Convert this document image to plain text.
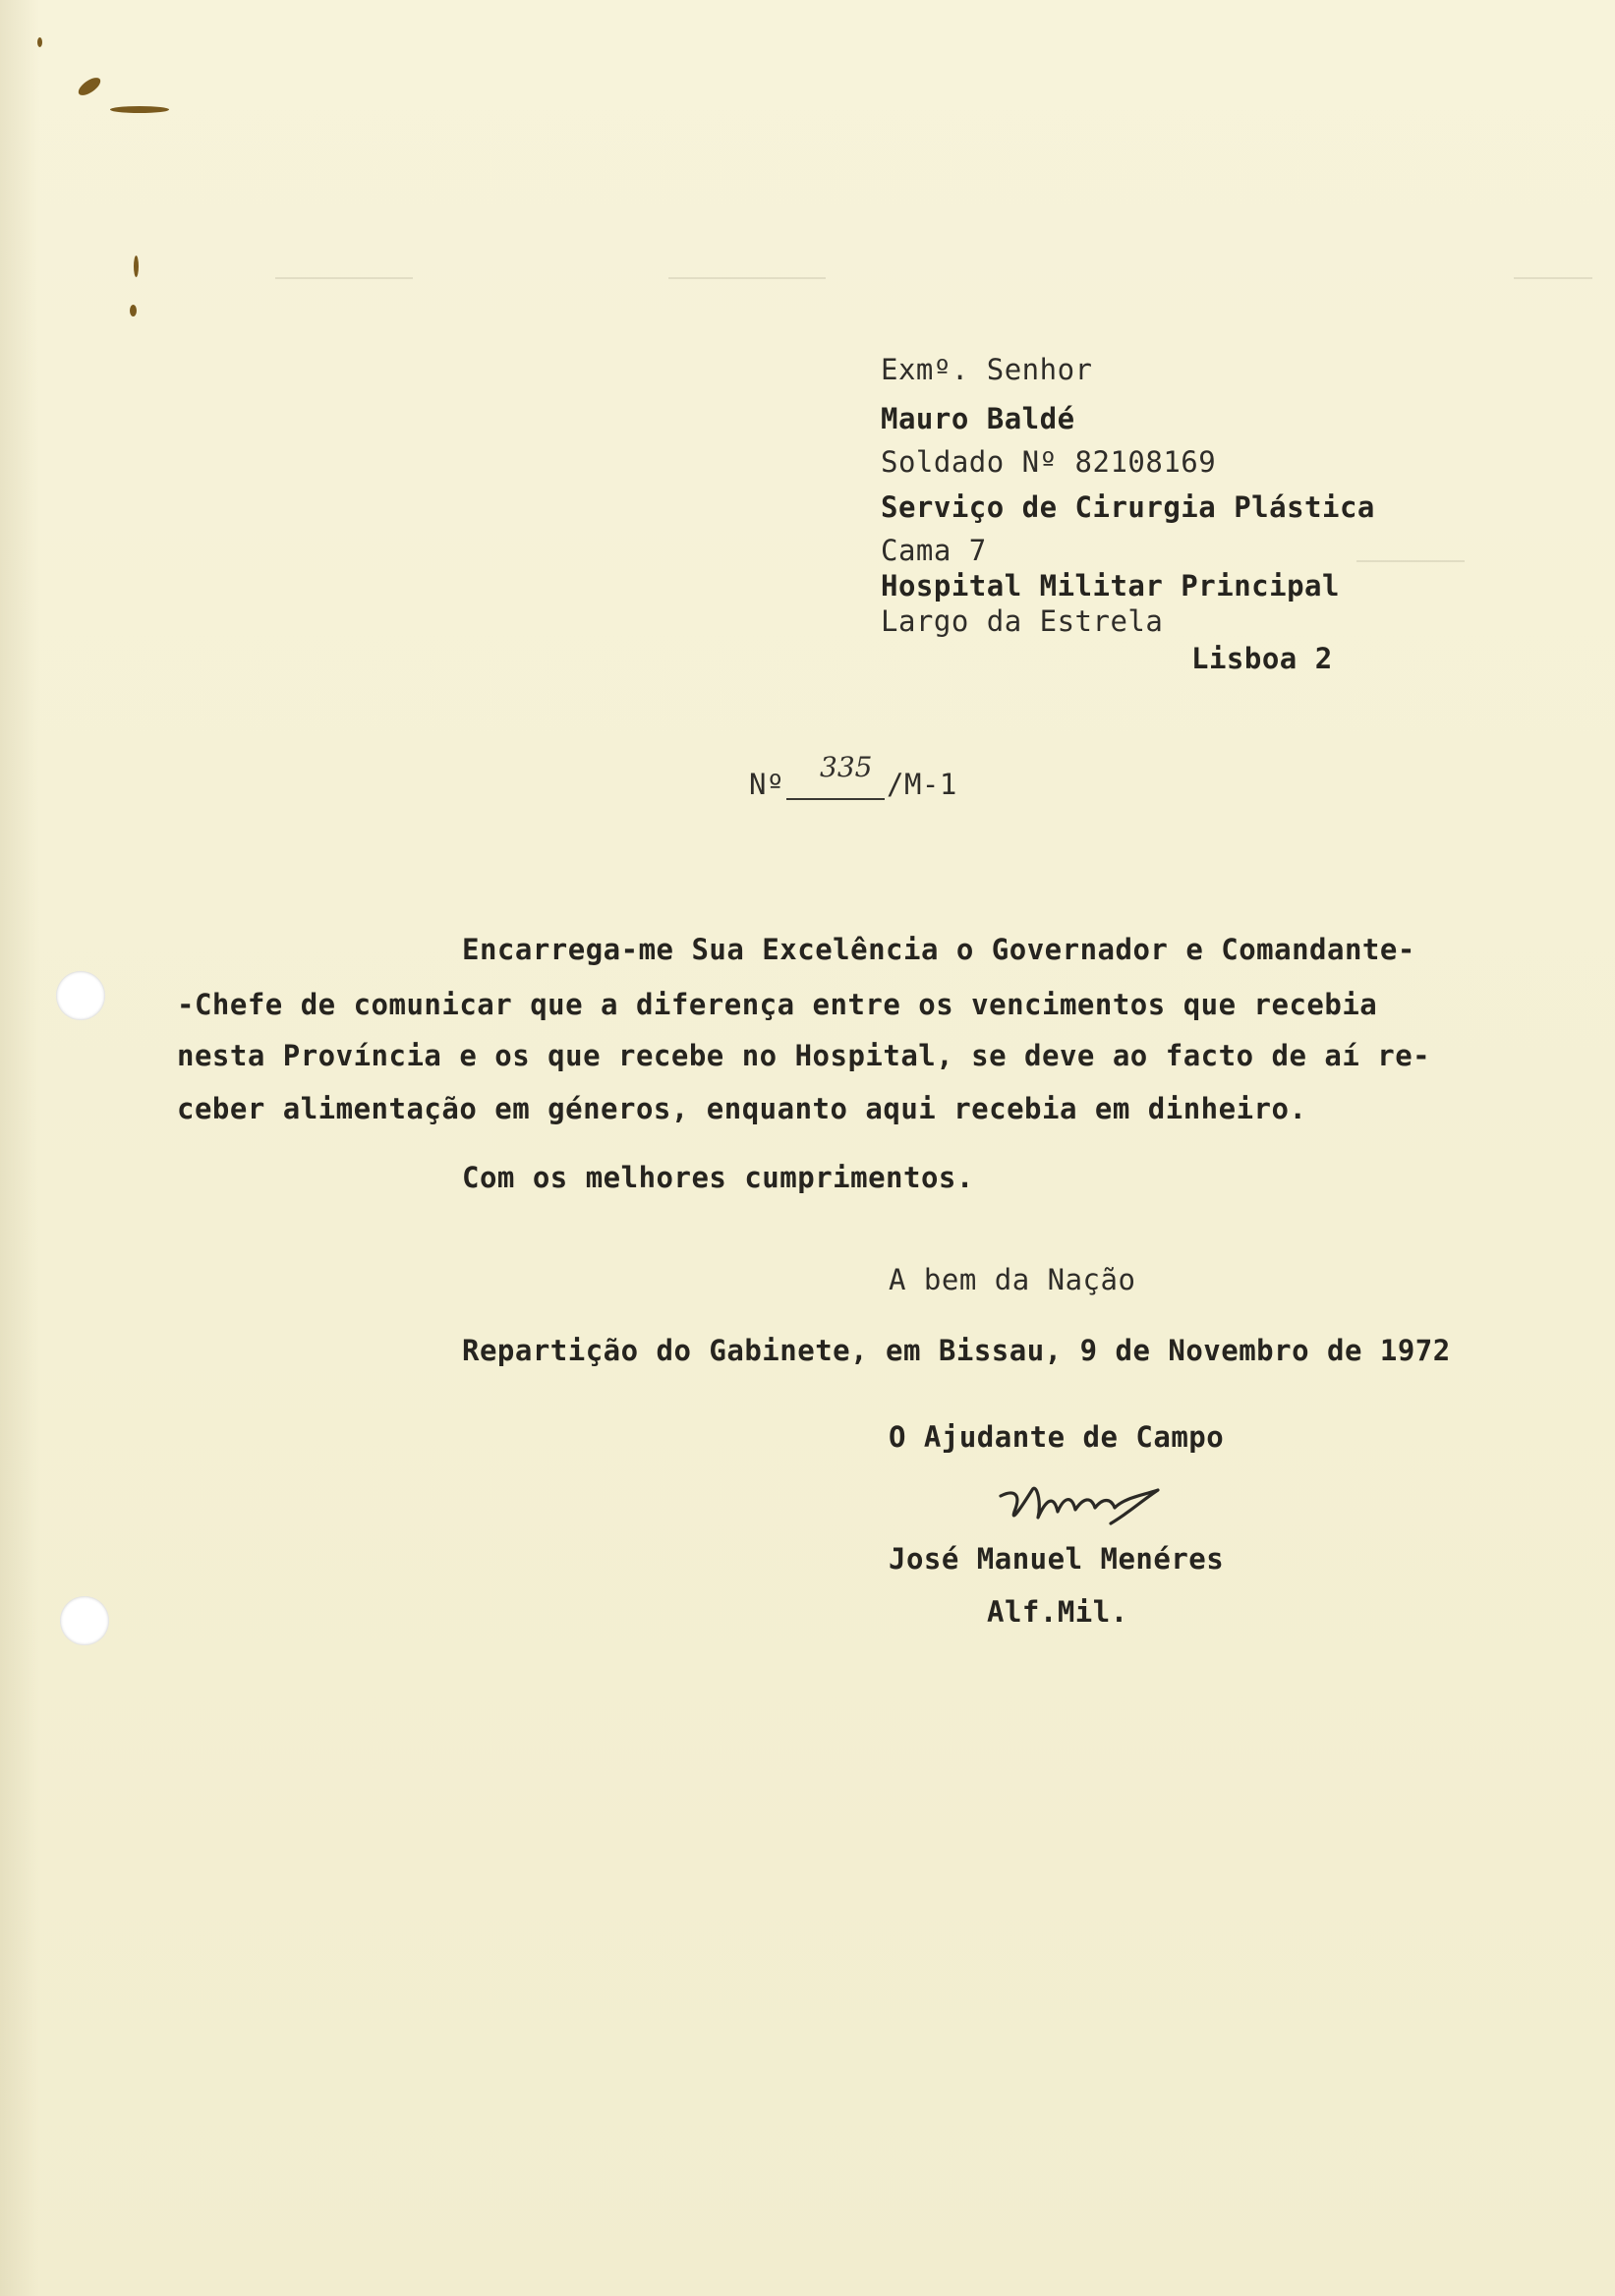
Exmº. Senhor
Mauro Baldé
Soldado Nº 82108169
Serviço de Cirurgia Plástica
Cama 7
Hospital Militar Principal
Largo da Estrela
Lisboa 2
Nº
335
/M-1
Encarrega-me Sua Excelência o Governador e Comandante-
-Chefe de comunicar que a diferença entre os vencimentos que recebia
nesta Província e os que recebe no Hospital, se deve ao facto de aí re-
ceber alimentação em géneros, enquanto aqui recebia em dinheiro.
Com os melhores cumprimentos.
A bem da Nação
Repartição do Gabinete, em Bissau, 9 de Novembro de 1972
O Ajudante de Campo
José Manuel Menéres
Alf.Mil.
